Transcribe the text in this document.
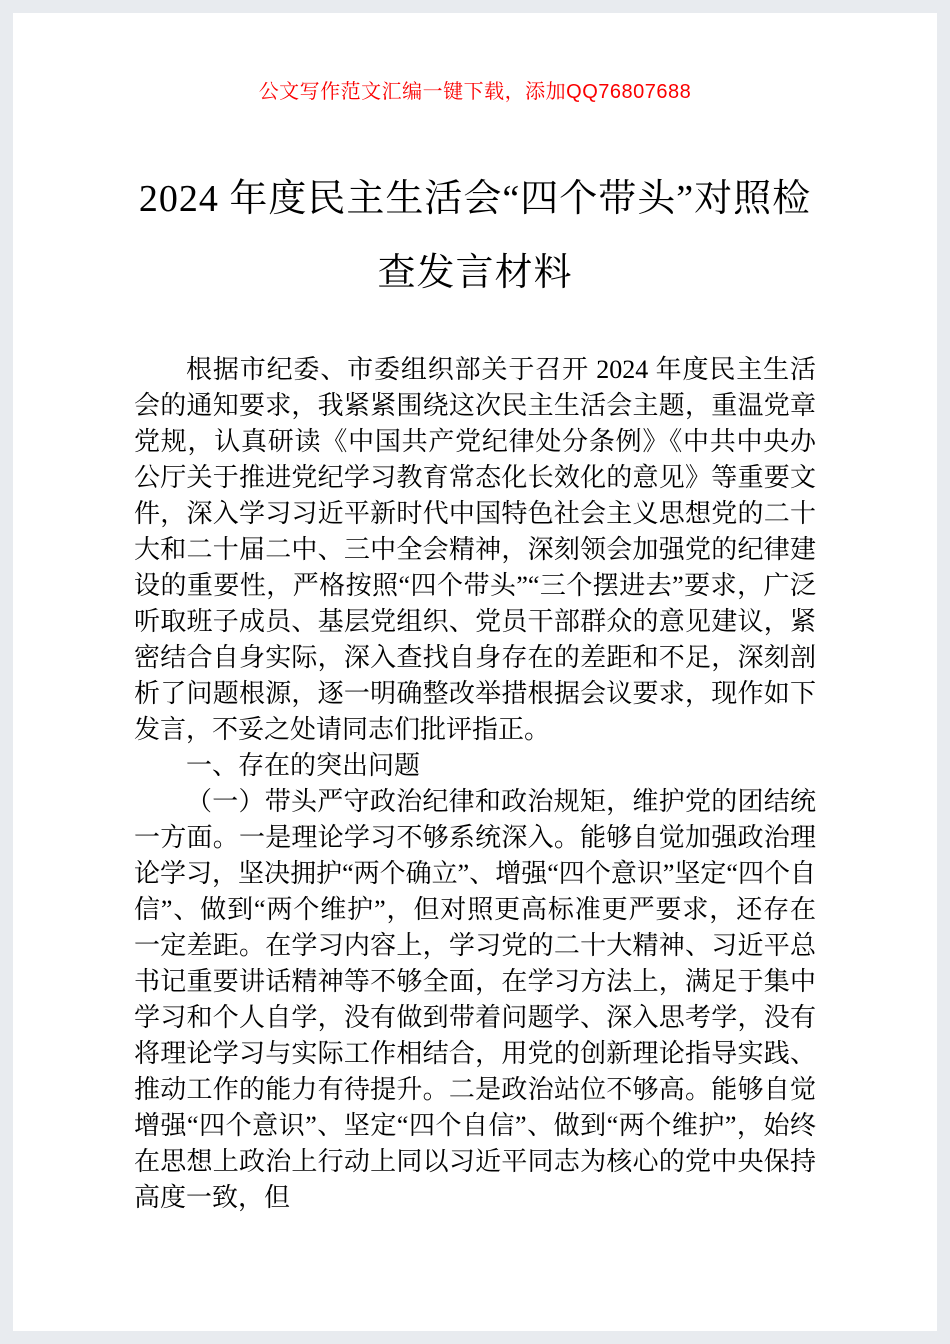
公文写作范文汇编一键下载，添加QQ76807688
2024 年度民主生活会“四个带头”对照检
查发言材料

根据市纪委、市委组织部关于召开 2024 年度民主生活会的通知要求，我紧紧围绕这次民主生活会主题，重温党章党规，认真研读《中国共产党纪律处分条例》《中共中央办公厅关于推进党纪学习教育常态化长效化的意见》等重要文件，深入学习习近平新时代中国特色社会主义思想党的二十大和二十届二中、三中全会精神，深刻领会加强党的纪律建设的重要性，严格按照“四个带头”“三个摆进去”要求，广泛听取班子成员、基层党组织、党员干部群众的意见建议，紧密结合自身实际，深入查找自身存在的差距和不足，深刻剖析了问题根源，逐一明确整改举措根据会议要求，现作如下发言，不妥之处请同志们批评指正。

一、存在的突出问题

（一）带头严守政治纪律和政治规矩，维护党的团结统一方面。一是理论学习不够系统深入。能够自觉加强政治理论学习，坚决拥护“两个确立”、增强“四个意识”坚定“四个自信”、做到“两个维护”，但对照更高标准更严要求，还存在一定差距。在学习内容上，学习党的二十大精神、习近平总书记重要讲话精神等不够全面，在学习方法上，满足于集中学习和个人自学，没有做到带着问题学、深入思考学，没有将理论学习与实际工作相结合，用党的创新理论指导实践、推动工作的能力有待提升。二是政治站位不够高。能够自觉增强“四个意识”、坚定“四个自信”、做到“两个维护”，始终在思想上政治上行动上同以习近平同志为核心的党中央保持高度一致，但
